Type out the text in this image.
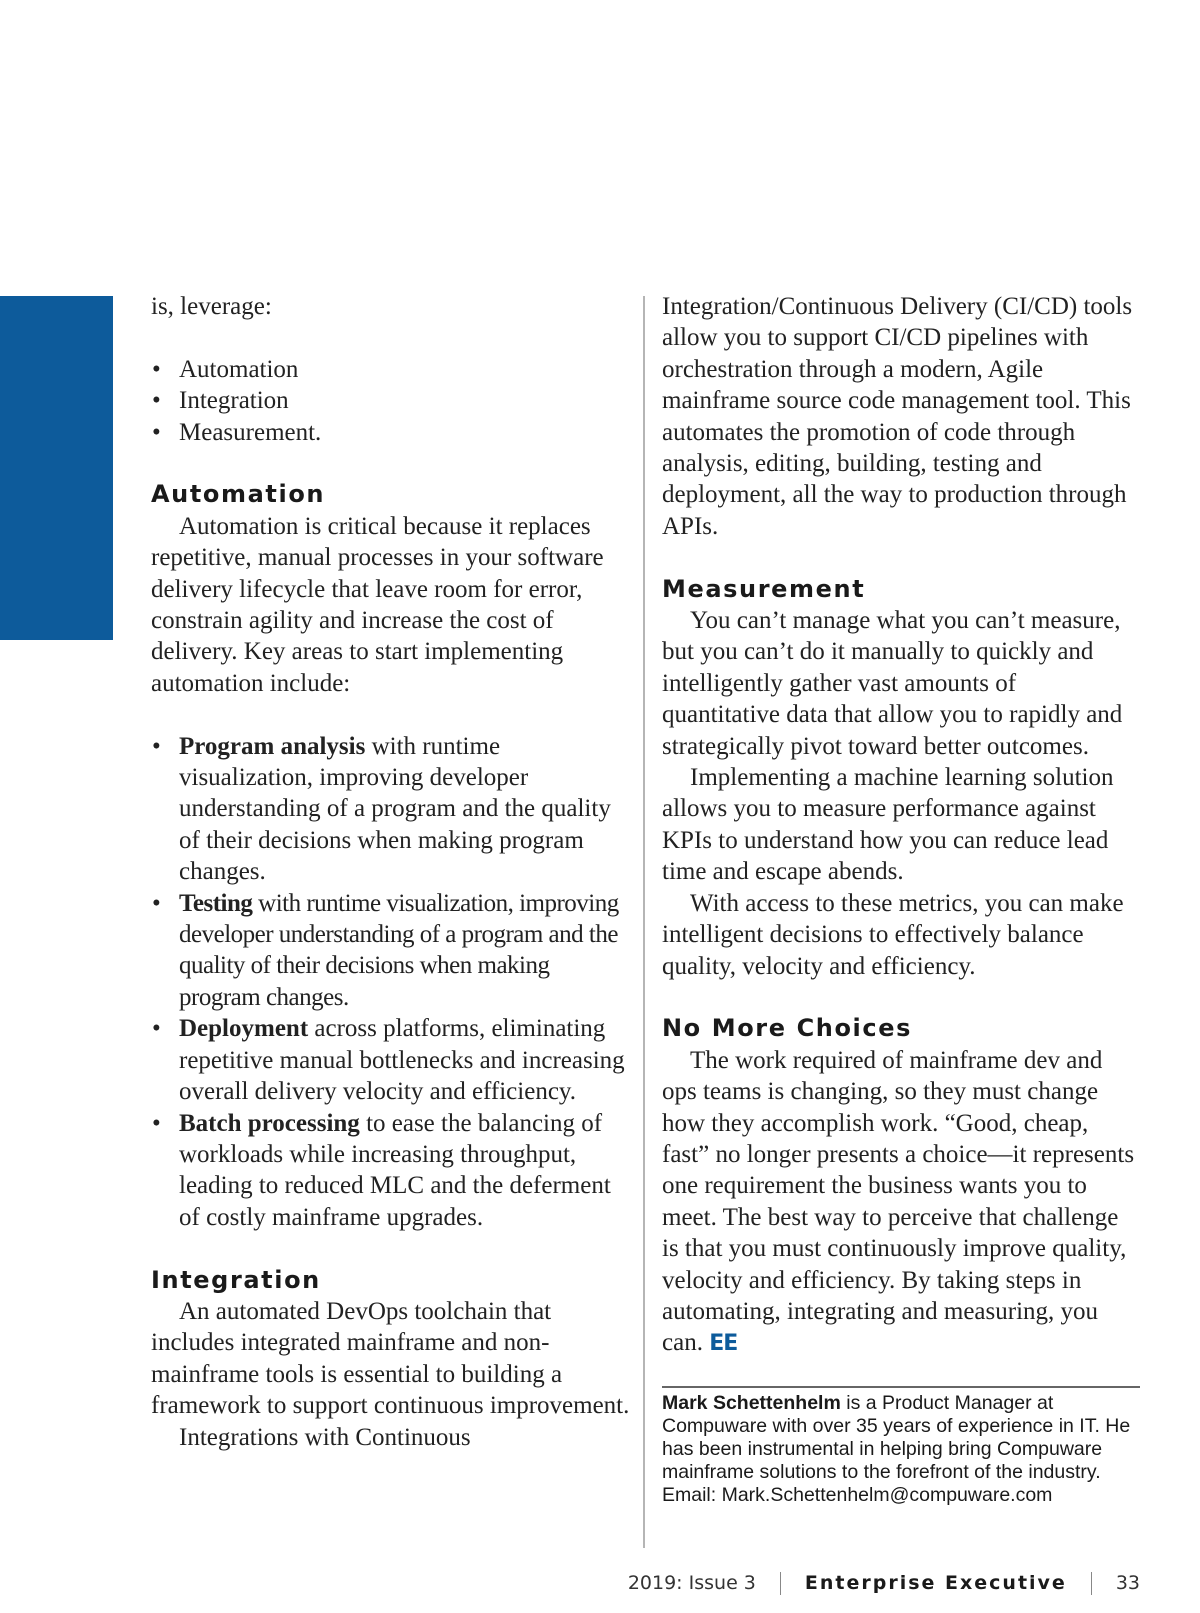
is, leverage:

• Automation
• Integration
• Measurement.
Automation

Automation is critical because it replaces repetitive, manual processes in your software delivery lifecycle that leave room for error, constrain agility and increase the cost of delivery. Key areas to start implementing automation include:

• Program analysis with runtime visualization, improving developer understanding of a program and the quality of their decisions when making program changes.
• Testing with runtime visualization, improving developer understanding of a program and the quality of their decisions when making program changes.
• Deployment across platforms, eliminating repetitive manual bottlenecks and increasing overall delivery velocity and efficiency.
• Batch processing to ease the balancing of workloads while increasing throughput, leading to reduced MLC and the deferment of costly mainframe upgrades.
Integration

An automated DevOps toolchain that includes integrated mainframe and non-mainframe tools is essential to building a framework to support continuous improvement.

Integrations with Continuous

Integration/Continuous Delivery (CI/CD) tools allow you to support CI/CD pipelines with orchestration through a modern, Agile mainframe source code management tool. This automates the promotion of code through analysis, editing, building, testing and deployment, all the way to production through APIs.

Measurement

You can’t manage what you can’t measure, but you can’t do it manually to quickly and intelligently gather vast amounts of quantitative data that allow you to rapidly and strategically pivot toward better outcomes.

Implementing a machine learning solution allows you to measure performance against KPIs to understand how you can reduce lead time and escape abends.

With access to these metrics, you can make intelligent decisions to effectively balance quality, velocity and efficiency.

No More Choices

The work required of mainframe dev and ops teams is changing, so they must change how they accomplish work. “Good, cheap, fast” no longer presents a choice—it represents one requirement the business wants you to meet. The best way to perceive that challenge is that you must continuously improve quality, velocity and efficiency. By taking steps in automating, integrating and measuring, you can. EE

Mark Schettenhelm is a Product Manager at Compuware with over 35 years of experience in IT. He has been instrumental in helping bring Compuware mainframe solutions to the forefront of the industry. Email: Mark.Schettenhelm@compuware.com

2019: Issue 3	Enterprise Executive	33
